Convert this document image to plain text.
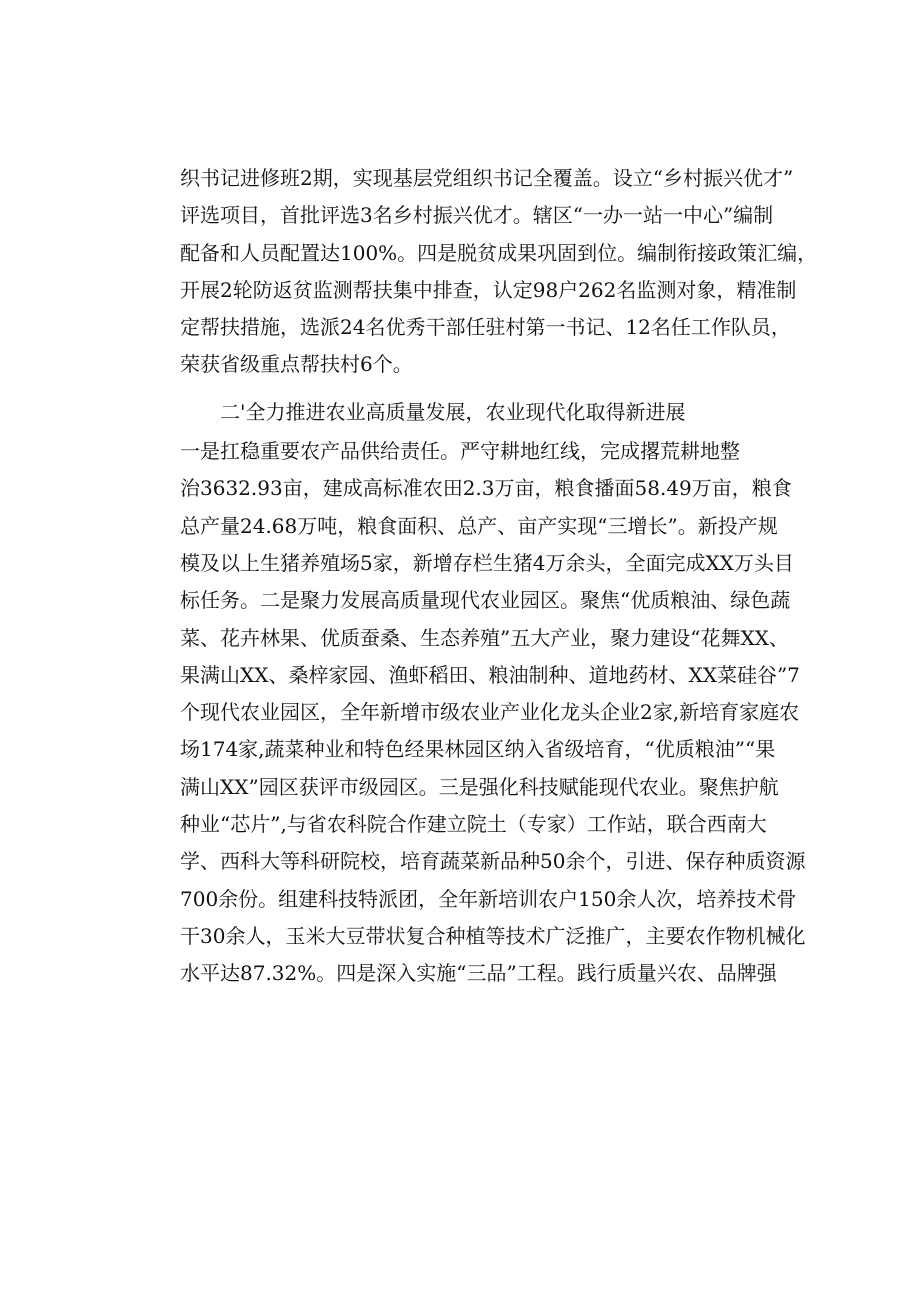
织书记进修班2期，实现基层党组织书记全覆盖。设立“乡村振兴优才”
评选项目，首批评选3名乡村振兴优才。辖区“一办一站一中心”编制
配备和人员配置达100%。四是脱贫成果巩固到位。编制衔接政策汇编，
开展2轮防返贫监测帮扶集中排查，认定98户262名监测对象，精准制
定帮扶措施，选派24名优秀干部任驻村第一书记、12名任工作队员，
荣获省级重点帮扶村6个。
二'全力推进农业高质量发展，农业现代化取得新进展
一是扛稳重要农产品供给责任。严守耕地红线，完成撂荒耕地整
治3632.93亩，建成高标准农田2.3万亩，粮食播面58.49万亩，粮食
总产量24.68万吨，粮食面积、总产、亩产实现“三增长”。新投产规
模及以上生猪养殖场5家，新增存栏生猪4万余头，全面完成XX万头目
标任务。二是聚力发展高质量现代农业园区。聚焦“优质粮油、绿色蔬
菜、花卉林果、优质蚕桑、生态养殖”五大产业，聚力建设“花舞XX、
果满山XX、桑梓家园、渔虾稻田、粮油制种、道地药材、XX菜硅谷”7
个现代农业园区，全年新增市级农业产业化龙头企业2家,新培育家庭农
场174家,蔬菜种业和特色经果林园区纳入省级培育，“优质粮油”“果
满山XX”园区获评市级园区。三是强化科技赋能现代农业。聚焦护航
种业“芯片”,与省农科院合作建立院土（专家）工作站，联合西南大
学、西科大等科研院校，培育蔬菜新品种50余个，引进、保存种质资源
700余份。组建科技特派团，全年新培训农户150余人次，培养技术骨
干30余人，玉米大豆带状复合种植等技术广泛推广，主要农作物机械化
水平达87.32%。四是深入实施“三品”工程。践行质量兴农、品牌强
